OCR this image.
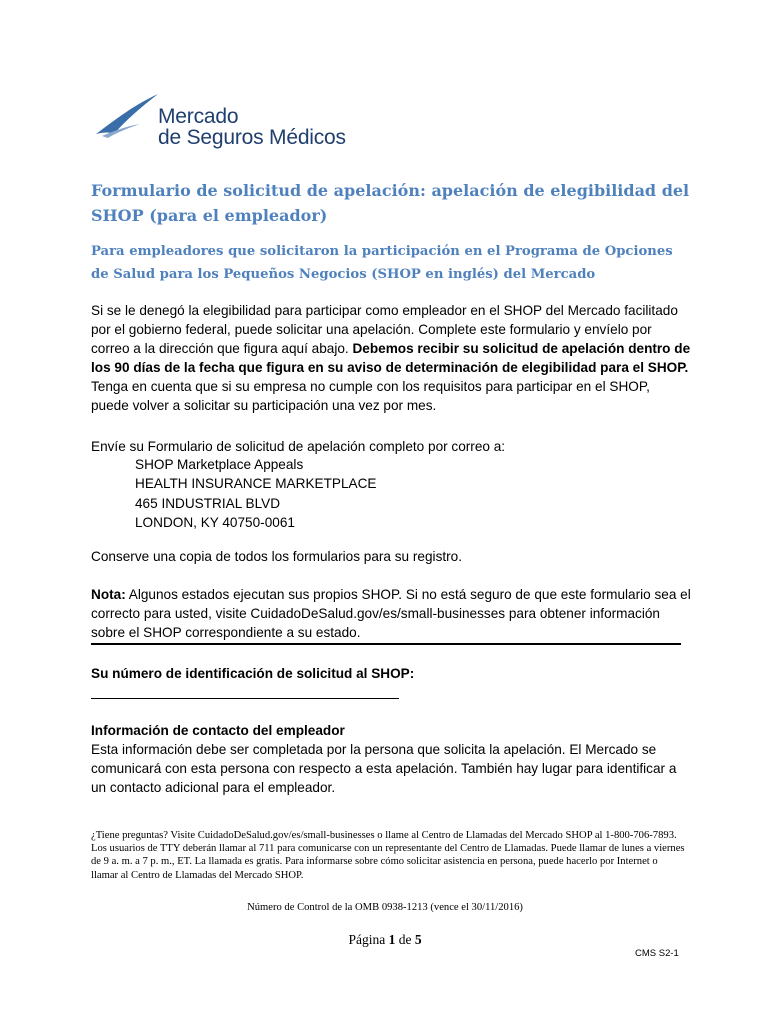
Mercado
de Seguros Médicos
Formulario de solicitud de apelación: apelación de elegibilidad del SHOP (para el empleador)
Para empleadores que solicitaron la participación en el Programa de Opciones de Salud para los Pequeños Negocios (SHOP en inglés) del Mercado
Si se le denegó la elegibilidad para participar como empleador en el SHOP del Mercado facilitado por el gobierno federal, puede solicitar una apelación. Complete este formulario y envíelo por correo a la dirección que figura aquí abajo. Debemos recibir su solicitud de apelación dentro de los 90 días de la fecha que figura en su aviso de determinación de elegibilidad para el SHOP. Tenga en cuenta que si su empresa no cumple con los requisitos para participar en el SHOP, puede volver a solicitar su participación una vez por mes.
Envíe su Formulario de solicitud de apelación completo por correo a:
SHOP Marketplace Appeals
HEALTH INSURANCE MARKETPLACE
465 INDUSTRIAL BLVD
LONDON, KY 40750-0061
Conserve una copia de todos los formularios para su registro.
Nota: Algunos estados ejecutan sus propios SHOP. Si no está seguro de que este formulario sea el correcto para usted, visite CuidadoDeSalud.gov/es/small-businesses para obtener información sobre el SHOP correspondiente a su estado.
Su número de identificación de solicitud al SHOP:
Información de contacto del empleador
Esta información debe ser completada por la persona que solicita la apelación. El Mercado se comunicará con esta persona con respecto a esta apelación. También hay lugar para identificar a un contacto adicional para el empleador.
¿Tiene preguntas? Visite CuidadoDeSalud.gov/es/small-businesses o llame al Centro de Llamadas del Mercado SHOP al 1-800-706-7893. Los usuarios de TTY deberán llamar al 711 para comunicarse con un representante del Centro de Llamadas. Puede llamar de lunes a viernes de 9 a. m. a 7 p. m., ET. La llamada es gratis. Para informarse sobre cómo solicitar asistencia en persona, puede hacerlo por Internet o llamar al Centro de Llamadas del Mercado SHOP.
Número de Control de la OMB 0938-1213 (vence el 30/11/2016)
Página 1 de 5
CMS S2-1
